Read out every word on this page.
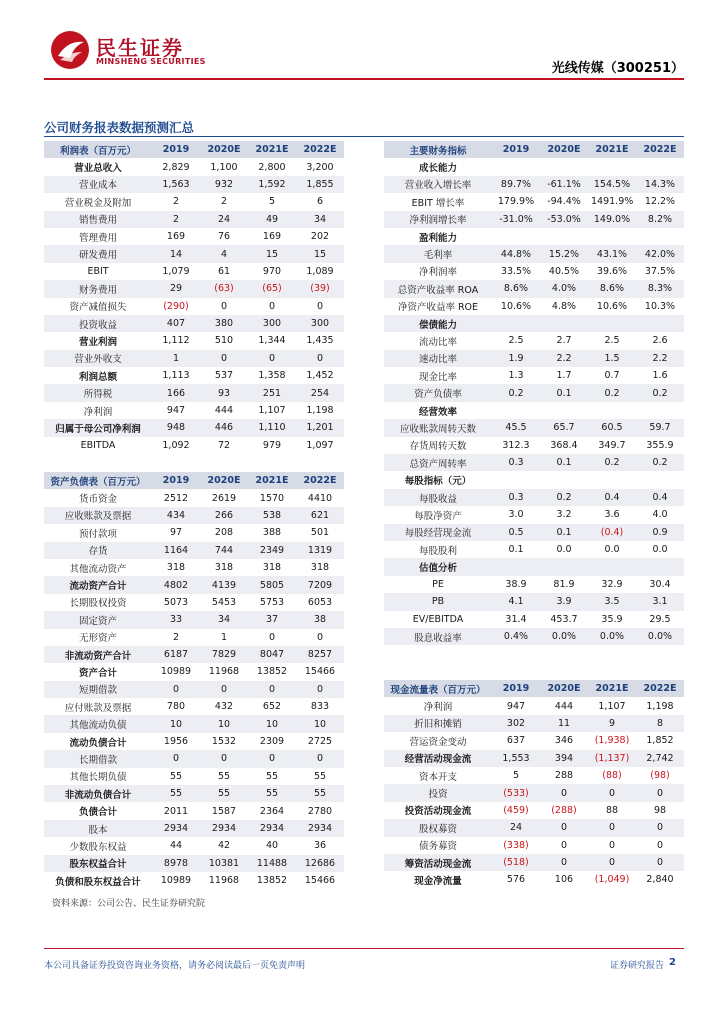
民生证券
MINSHENG SECURITIES	光线传媒（300251）
公司财务报表数据预测汇总
利润表（百万元）	2019	2020E	2021E	2022E
营业总收入	2,829	1,100	2,800	3,200
营业成本	1,563	932	1,592	1,855
营业税金及附加	2	2	5	6
销售费用	2	24	49	34
管理费用	169	76	169	202
研发费用	14	4	15	15
EBIT	1,079	61	970	1,089
财务费用	29	(63)	(65)	(39)
资产减值损失	(290)	0	0	0
投资收益	407	380	300	300
营业利润	1,112	510	1,344	1,435
营业外收支	1	0	0	0
利润总额	1,113	537	1,358	1,452
所得税	166	93	251	254
净利润	947	444	1,107	1,198
归属于母公司净利润	948	446	1,110	1,201
EBITDA	1,092	72	979	1,097
主要财务指标	2019	2020E	2021E	2022E
成长能力				
营业收入增长率	89.7%	-61.1%	154.5%	14.3%
EBIT 增长率	179.9%	-94.4%	1491.9%	12.2%
净利润增长率	-31.0%	-53.0%	149.0%	8.2%
盈利能力				
毛利率	44.8%	15.2%	43.1%	42.0%
净利润率	33.5%	40.5%	39.6%	37.5%
总资产收益率 ROA	8.6%	4.0%	8.6%	8.3%
净资产收益率 ROE	10.6%	4.8%	10.6%	10.3%
偿债能力				
流动比率	2.5	2.7	2.5	2.6
速动比率	1.9	2.2	1.5	2.2
现金比率	1.3	1.7	0.7	1.6
资产负债率	0.2	0.1	0.2	0.2
经营效率				
应收账款周转天数	45.5	65.7	60.5	59.7
存货周转天数	312.3	368.4	349.7	355.9
总资产周转率	0.3	0.1	0.2	0.2
每股指标（元）				
每股收益	0.3	0.2	0.4	0.4
每股净资产	3.0	3.2	3.6	4.0
每股经营现金流	0.5	0.1	(0.4)	0.9
每股股利	0.1	0.0	0.0	0.0
估值分析				
PE	38.9	81.9	32.9	30.4
PB	4.1	3.9	3.5	3.1
EV/EBITDA	31.4	453.7	35.9	29.5
股息收益率	0.4%	0.0%	0.0%	0.0%
资产负债表（百万元）	2019	2020E	2021E	2022E
货币资金	2512	2619	1570	4410
应收账款及票据	434	266	538	621
预付款项	97	208	388	501
存货	1164	744	2349	1319
其他流动资产	318	318	318	318
流动资产合计	4802	4139	5805	7209
长期股权投资	5073	5453	5753	6053
固定资产	33	34	37	38
无形资产	2	1	0	0
非流动资产合计	6187	7829	8047	8257
资产合计	10989	11968	13852	15466
短期借款	0	0	0	0
应付账款及票据	780	432	652	833
其他流动负债	10	10	10	10
流动负债合计	1956	1532	2309	2725
长期借款	0	0	0	0
其他长期负债	55	55	55	55
非流动负债合计	55	55	55	55
负债合计	2011	1587	2364	2780
股本	2934	2934	2934	2934
少数股东权益	44	42	40	36
股东权益合计	8978	10381	11488	12686
负债和股东权益合计	10989	11968	13852	15466
现金流量表（百万元）	2019	2020E	2021E	2022E
净利润	947	444	1,107	1,198
折旧和摊销	302	11	9	8
营运资金变动	637	346	(1,938)	1,852
经营活动现金流	1,553	394	(1,137)	2,742
资本开支	5	288	(88)	(98)
投资	(533)	0	0	0
投资活动现金流	(459)	(288)	88	98
股权募资	24	0	0	0
债务募资	(338)	0	0	0
筹资活动现金流	(518)	0	0	0
现金净流量	576	106	(1,049)	2,840
资料来源：公司公告、民生证券研究院
本公司具备证券投资咨询业务资格，请务必阅读最后一页免责声明	证券研究报告 2
